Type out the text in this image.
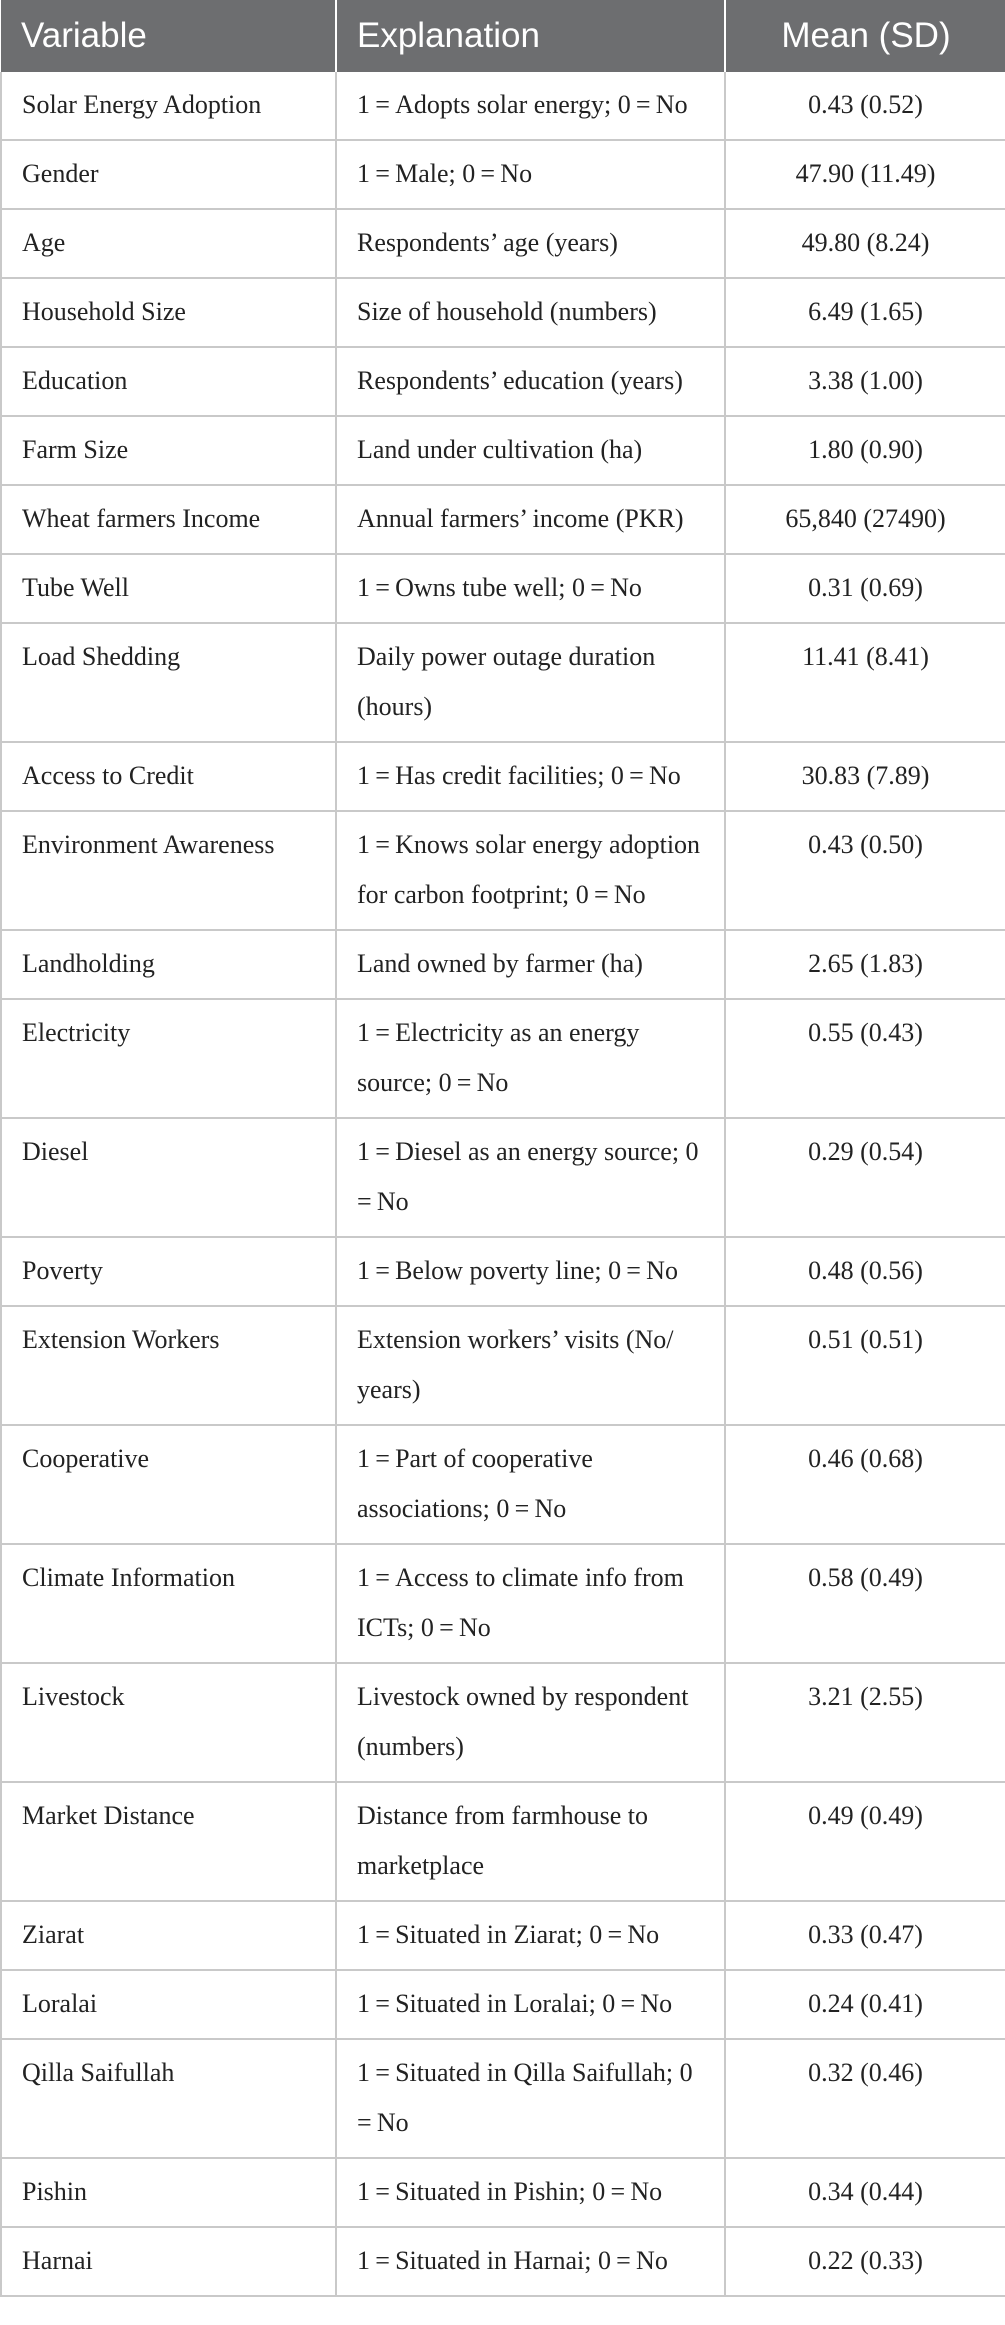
Variable	Explanation	Mean (SD)
Solar Energy Adoption	1 = Adopts solar energy; 0 = No	0.43 (0.52)
Gender	1 = Male; 0 = No	47.90 (11.49)
Age	Respondents’ age (years)	49.80 (8.24)
Household Size	Size of household (numbers)	6.49 (1.65)
Education	Respondents’ education (years)	3.38 (1.00)
Farm Size	Land under cultivation (ha)	1.80 (0.90)
Wheat farmers Income	Annual farmers’ income (PKR)	65,840 (27490)
Tube Well	1 = Owns tube well; 0 = No	0.31 (0.69)
Load Shedding	Daily power outage duration (hours)	11.41 (8.41)
Access to Credit	1 = Has credit facilities; 0 = No	30.83 (7.89)
Environment Awareness	1 = Knows solar energy adoption for carbon footprint; 0 = No	0.43 (0.50)
Landholding	Land owned by farmer (ha)	2.65 (1.83)
Electricity	1 = Electricity as an energy source; 0 = No	0.55 (0.43)
Diesel	1 = Diesel as an energy source; 0 = No	0.29 (0.54)
Poverty	1 = Below poverty line; 0 = No	0.48 (0.56)
Extension Workers	Extension workers’ visits (No/ years)	0.51 (0.51)
Cooperative	1 = Part of cooperative associations; 0 = No	0.46 (0.68)
Climate Information	1 = Access to climate info from ICTs; 0 = No	0.58 (0.49)
Livestock	Livestock owned by respondent (numbers)	3.21 (2.55)
Market Distance	Distance from farmhouse to marketplace	0.49 (0.49)
Ziarat	1 = Situated in Ziarat; 0 = No	0.33 (0.47)
Loralai	1 = Situated in Loralai; 0 = No	0.24 (0.41)
Qilla Saifullah	1 = Situated in Qilla Saifullah; 0 = No	0.32 (0.46)
Pishin	1 = Situated in Pishin; 0 = No	0.34 (0.44)
Harnai	1 = Situated in Harnai; 0 = No	0.22 (0.33)
